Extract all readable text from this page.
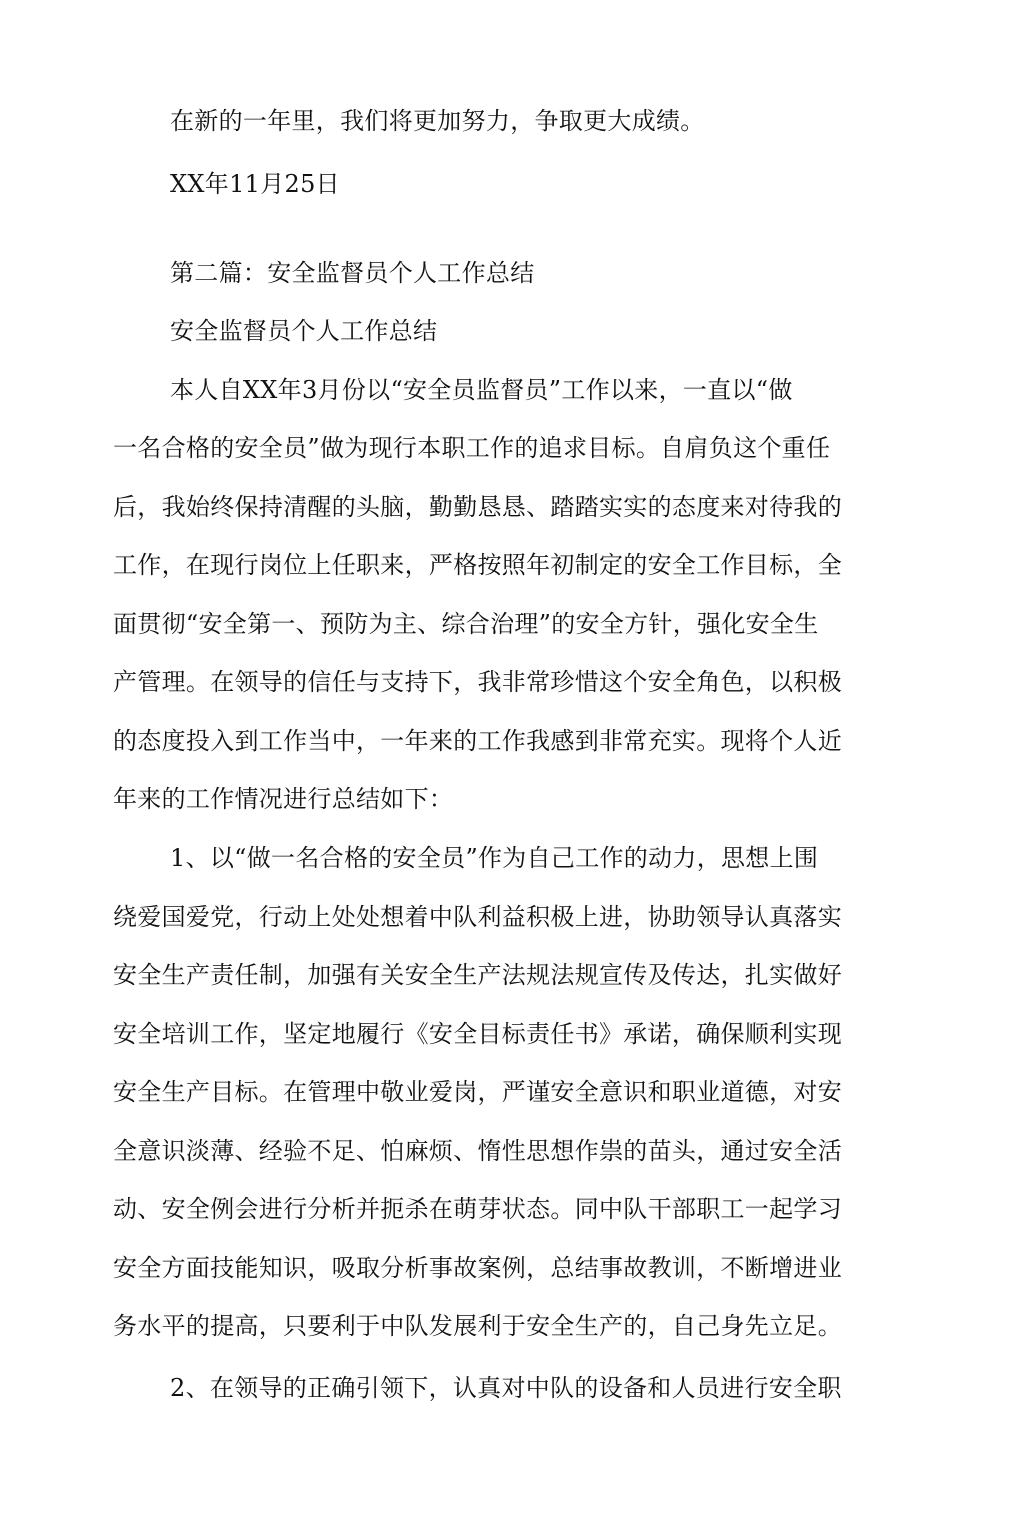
在新的一年里，我们将更加努力，争取更大成绩。

XX年11月25日

第二篇：安全监督员个人工作总结

安全监督员个人工作总结

本人自XX年3月份以“安全员监督员”工作以来，一直以“做

一名合格的安全员”做为现行本职工作的追求目标。自肩负这个重任

后，我始终保持清醒的头脑，勤勤恳恳、踏踏实实的态度来对待我的

工作，在现行岗位上任职来，严格按照年初制定的安全工作目标，全

面贯彻“安全第一、预防为主、综合治理”的安全方针，强化安全生

产管理。在领导的信任与支持下，我非常珍惜这个安全角色，以积极

的态度投入到工作当中，一年来的工作我感到非常充实。现将个人近

年来的工作情况进行总结如下：

1、以“做一名合格的安全员”作为自己工作的动力，思想上围

绕爱国爱党，行动上处处想着中队利益积极上进，协助领导认真落实

安全生产责任制，加强有关安全生产法规法规宣传及传达，扎实做好

安全培训工作，坚定地履行《安全目标责任书》承诺，确保顺利实现

安全生产目标。在管理中敬业爱岗，严谨安全意识和职业道德，对安

全意识淡薄、经验不足、怕麻烦、惰性思想作祟的苗头，通过安全活

动、安全例会进行分析并扼杀在萌芽状态。同中队干部职工一起学习

安全方面技能知识，吸取分析事故案例，总结事故教训，不断增进业

务水平的提高，只要利于中队发展利于安全生产的，自己身先立足。

2、在领导的正确引领下，认真对中队的设备和人员进行安全职
